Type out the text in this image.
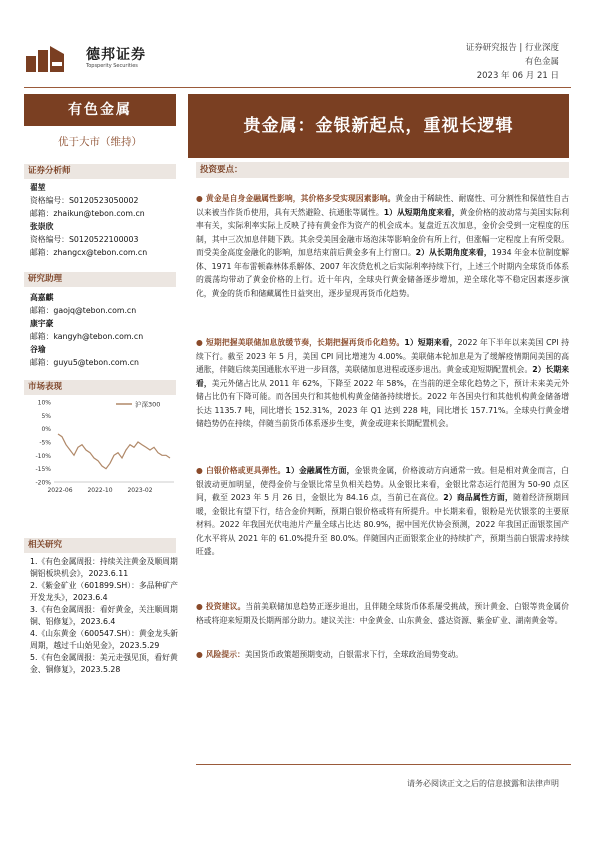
德邦证券
Topsperity Securities
证券研究报告 | 行业深度
有色金属
2023 年 06 月 21 日
有色金属
优于大市（维持）
贵金属：金银新起点，重视长逻辑
证券分析师
翟堃
资格编号：S0120523050002
邮箱：zhaikun@tebon.com.cn
张崇欣
资格编号：S0120522100003
邮箱：zhangcx@tebon.com.cn
研究助理
高嘉麒
邮箱：gaojq@tebon.com.cn
康宇豪
邮箱：kangyh@tebon.com.cn
谷瑜
邮箱：guyu5@tebon.com.cn
市场表现
10%
5%
0%
-5%
-10%
-15%
-20%
2022-06 2022-10 2023-02
沪深300
相关研究
1.《有色金属周报：持续关注黄金及顺周期铜铝板块机会》，2023.6.11
2.《紫金矿业（601899.SH）：多品种矿产开发龙头》，2023.6.4
3.《有色金属周报：看好黄金，关注顺周期铜、铝修复》，2023.6.4
4.《山东黄金（600547.SH）：黄金龙头新周期，越过千山始见金》，2023.5.29
5.《有色金属周报：美元走强见顶，看好黄金、铜修复》，2023.5.28
投资要点：
● 黄金是自身金融属性影响，其价格多受实现因素影响。黄金由于稀缺性、耐腐性、可分割性和保值性自古以来被当作货币使用，具有天然避险、抗通胀等属性。1）从短期角度来看，黄金价格的波动常与美国实际利率有关，实际利率实际上反映了持有黄金作为资产的机会成本。复盘近五次加息，金价会受到一定程度的压制，其中三次加息伴随下跌。其余受美国金融市场泡沫等影响金价有所上行，但涨幅一定程度上有所受限。而受美金高度金融化的影响，加息结束前后黄金多有上行窗口。2）从长期角度来看，1934 年金本位制度解体、1971 年布雷顿森林体系解体、2007 年次贷危机之后实际利率持续下行，上述三个时期内全球货币体系的震荡均带动了黄金价格的上行。近十年内，全球央行黄金储备逐步增加，逆全球化等不稳定因素逐步演化，黄金的货币和储藏属性日益突出，逐步显现再货币化趋势。
● 短期把握美联储加息放缓节奏，长期把握再货币化趋势。1）短期来看，2022 年下半年以来美国 CPI 持续下行。截至 2023 年 5 月，美国 CPI 同比增速为 4.00%。美联储本轮加息是为了缓解疫情期间美国的高通胀，伴随后续美国通胀水平进一步回落，美联储加息进程或逐步退出。黄金或迎短期配置机会。2）长期来看，美元外储占比从 2011 年 62%，下降至 2022 年 58%，在当前的逆全球化趋势之下，预计未来美元外储占比仍有下降可能。而各国央行和其他机构黄金储备持续增长。2022 年各国央行和其他机构黄金储备增长达 1135.7 吨，同比增长 152.31%，2023 年 Q1 达到 228 吨，同比增长 157.71%。全球央行黄金增储趋势仍在持续，伴随当前货币体系逐步生变，黄金或迎来长期配置机会。
● 白银价格或更具弹性。1）金融属性方面，金银贵金属，价格波动方向通常一致。但是相对黄金而言，白银波动更加明显，使得金价与金银比常呈负相关趋势。从金银比来看，金银比常态运行范围为 50-90 点区间，截至 2023 年 5 月 26 日，金银比为 84.16 点，当前已在高位。2）商品属性方面，随着经济预期回暖，金银比有望下行，结合金价判断，预期白银价格或将有所提升。中长期来看，银粉是光伏银浆的主要原材料。2022 年我国光伏电池片产量全球占比达 80.9%，据中国光伏协会预测，2022 年我国正面银浆国产化水平将从 2021 年的 61.0%提升至 80.0%。伴随国内正面银浆企业的持续扩产，预期当前白银需求持续旺盛。
● 投资建议。当前美联储加息趋势正逐步退出，且伴随全球货币体系屡受挑战，预计黄金、白银等贵金属价格或将迎来短期及长期两部分助力。建议关注：中金黄金、山东黄金、盛达资源、紫金矿业、湖南黄金等。
● 风险提示：美国货币政策超预期变动，白银需求下行，全球政治局势变动。
请务必阅读正文之后的信息披露和法律声明
